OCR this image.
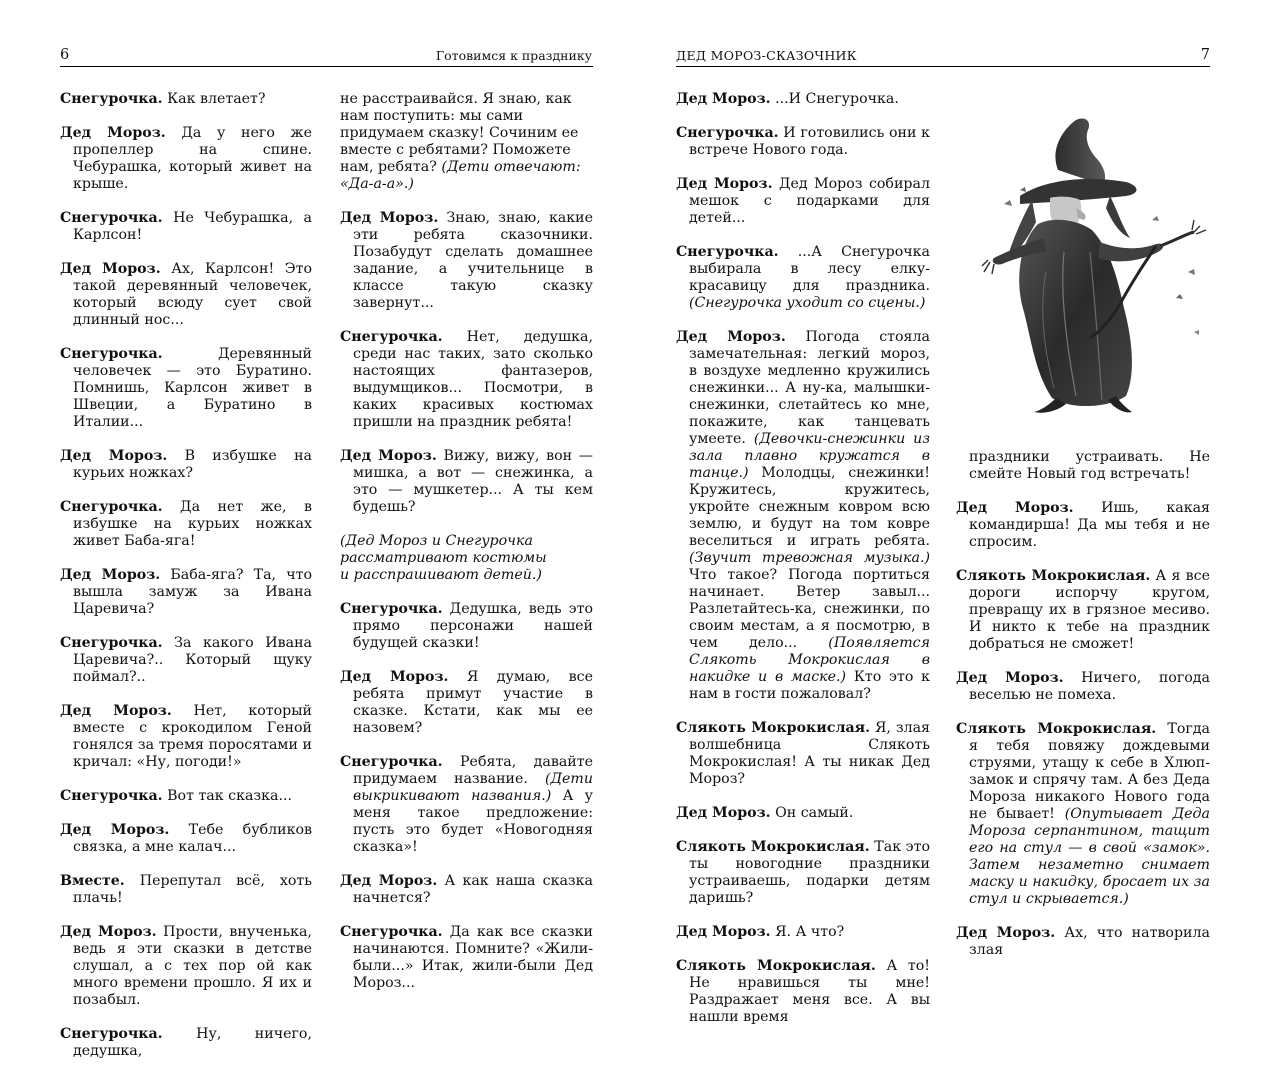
6	Готовимся к празднику

Снегурочка. Как влетает?

Дед Мороз. Да у него же пропеллер на спине. Чебурашка, который живет на крыше.

Снегурочка. Не Чебурашка, а Карлсон!

Дед Мороз. Ах, Карлсон! Это такой деревянный человечек, который всюду сует свой длинный нос...

Снегурочка. Деревянный человечек — это Буратино. Помнишь, Карлсон живет в Швеции, а Буратино в Италии...

Дед Мороз. В избушке на курьих ножках?

Снегурочка. Да нет же, в избушке на курьих ножках живет Баба-яга!

Дед Мороз. Баба-яга? Та, что вышла замуж за Ивана Царевича?

Снегурочка. За какого Ивана Царевича?.. Который щуку поймал?..

Дед Мороз. Нет, который вместе с крокодилом Геной гонялся за тремя поросятами и кричал: «Ну, погоди!»

Снегурочка. Вот так сказка...

Дед Мороз. Тебе бубликов связка, а мне калач...

Вместе. Перепутал всё, хоть плачь!

Дед Мороз. Прости, внученька, ведь я эти сказки в детстве слушал, а с тех пор ой как много времени прошло. Я их и позабыл.

Снегурочка. Ну, ничего, дедушка,

не расстраивайся. Я знаю, как нам поступить: мы сами придумаем сказку! Сочиним ее вместе с ребятами? Поможете нам, ребята? (Дети отвечают: «Да-а-а».)

Дед Мороз. Знаю, знаю, какие эти ребята сказочники. Позабудут сделать домашнее задание, а учительнице в классе такую сказку завернут...

Снегурочка. Нет, дедушка, среди нас таких, зато сколько настоящих фантазеров, выдумщиков... Посмотри, в каких красивых костюмах пришли на праздник ребята!

Дед Мороз. Вижу, вижу, вон — мишка, а вот — снежинка, а это — мушкетер... А ты кем будешь?

(Дед Мороз и Снегурочка рассматривают костюмы и расспрашивают детей.)

Снегурочка. Дедушка, ведь это прямо персонажи нашей будущей сказки!

Дед Мороз. Я думаю, все ребята примут участие в сказке. Кстати, как мы ее назовем?

Снегурочка. Ребята, давайте придумаем название. (Дети выкрикивают названия.) А у меня такое предложение: пусть это будет «Новогодняя сказка»!

Дед Мороз. А как наша сказка начнется?

Снегурочка. Да как все сказки начинаются. Помните? «Жили-были...» Итак, жили-были Дед Мороз...

ДЕД МОРОЗ-СКАЗОЧНИК	7

Дед Мороз. ...И Снегурочка.

Снегурочка. И готовились они к встрече Нового года.

Дед Мороз. Дед Мороз собирал мешок с подарками для детей...

Снегурочка. ...А Снегурочка выбирала в лесу елку-красавицу для праздника. (Снегурочка уходит со сцены.)

Дед Мороз. Погода стояла замечательная: легкий мороз, в воздухе медленно кружились снежинки... А ну-ка, малышки-снежинки, слетайтесь ко мне, покажите, как танцевать умеете. (Девочки-снежинки из зала плавно кружатся в танце.) Молодцы, снежинки! Кружитесь, кружитесь, укройте снежным ковром всю землю, и будут на том ковре веселиться и играть ребята. (Звучит тревожная музыка.) Что такое? Погода портиться начинает. Ветер завыл... Разлетайтесь-ка, снежинки, по своим местам, а я посмотрю, в чем дело... (Появляется Слякоть Мокрокислая в накидке и в маске.) Кто это к нам в гости пожаловал?

Слякоть Мокрокислая. Я, злая волшебница Слякоть Мокрокислая! А ты никак Дед Мороз?

Дед Мороз. Он самый.

Слякоть Мокрокислая. Так это ты новогодние праздники устраиваешь, подарки детям даришь?

Дед Мороз. Я. А что?

Слякоть Мокрокислая. А то! Не нравишься ты мне! Раздражает меня все. А вы нашли время

праздники устраивать. Не смейте Новый год встречать!

Дед Мороз. Ишь, какая командирша! Да мы тебя и не спросим.

Слякоть Мокрокислая. А я все дороги испорчу кругом, превращу их в грязное месиво. И никто к тебе на праздник добраться не сможет!

Дед Мороз. Ничего, погода веселью не помеха.

Слякоть Мокрокислая. Тогда я тебя повяжу дождевыми струями, утащу к себе в Хлюп-замок и спрячу там. А без Деда Мороза никакого Нового года не бывает! (Опутывает Деда Мороза серпантином, тащит его на стул — в свой «замок». Затем незаметно снимает маску и накидку, бросает их за стул и скрывается.)

Дед Мороз. Ах, что натворила злая
